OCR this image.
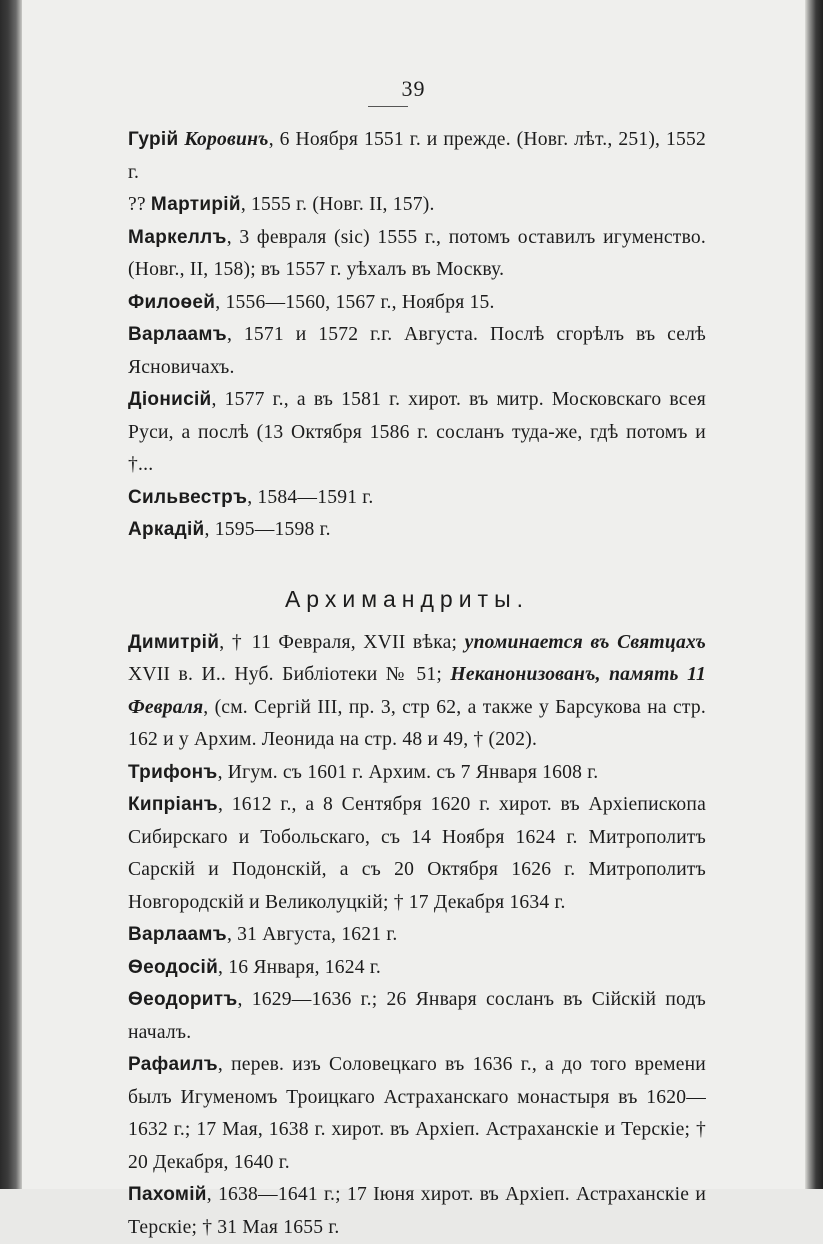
39

Гурій Коровинъ, 6 Ноября 1551 г. и прежде. (Новг. лѣт., 251), 1552 г.

?? Мартирій, 1555 г. (Новг. II, 157).

Маркеллъ, 3 февраля (sic) 1555 г., потомъ оставилъ игуменство. (Новг., II, 158); въ 1557 г. уѣхалъ въ Москву.

Филоѳей, 1556—1560, 1567 г., Ноября 15.

Варлаамъ, 1571 и 1572 г.г. Августа. Послѣ сгорѣлъ въ селѣ Ясновичахъ.

Діонисій, 1577 г., а въ 1581 г. хирот. въ митр. Московскаго всея Руси, а послѣ (13 Октября 1586 г. сосланъ туда-же, гдѣ потомъ и †...

Сильвестръ, 1584—1591 г.

Аркадій, 1595—1598 г.

Архимандриты.

Димитрій, † 11 Февраля, XVII вѣка; упоминается въ Святцахъ XVII в. И.. Нуб. Библіотеки № 51; Неканонизованъ, память 11 Февраля, (см. Сергій III, пр. 3, стр 62, а также у Барсукова на стр. 162 и у Архим. Леонида на стр. 48 и 49, † (202).

Трифонъ, Игум. съ 1601 г. Архим. съ 7 Января 1608 г.

Кипріанъ, 1612 г., а 8 Сентября 1620 г. хирот. въ Архіепископа Сибирскаго и Тобольскаго, съ 14 Ноября 1624 г. Митрополитъ Сарскій и Подонскій, а съ 20 Октября 1626 г. Митрополитъ Новгородскій и Великолуцкій; † 17 Декабря 1634 г.

Варлаамъ, 31 Августа, 1621 г.

Ѳеодосій, 16 Января, 1624 г.

Ѳеодоритъ, 1629—1636 г.; 26 Января сосланъ въ Сійскій подъ началъ.

Рафаилъ, перев. изъ Соловецкаго въ 1636 г., а до того времени былъ Игуменомъ Троицкаго Астраханскаго монастыря въ 1620—1632 г.; 17 Мая, 1638 г. хирот. въ Архіеп. Астраханскіе и Терскіе; † 20 Декабря, 1640 г.

Пахомій, 1638—1641 г.; 17 Іюня хирот. въ Архіеп. Астраханскіе и Терскіе; † 31 Мая 1655 г.
